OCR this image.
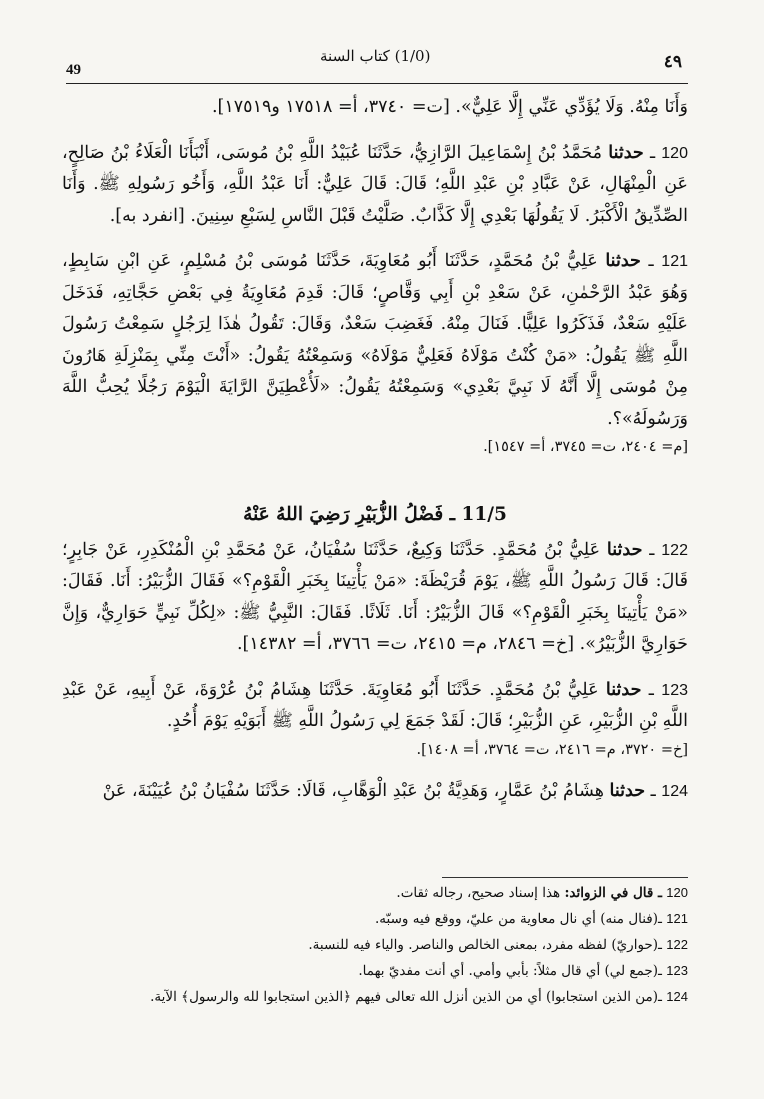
49
(1/0) كتاب السنة	٤٩

وَأَنَا مِنْهُ. وَلَا يُؤَدِّي عَنِّي إِلَّا عَلِيٌّ». [ت= ٣٧٤٠، أ= ١٧٥١٨ و١٧٥١٩].

120 ـ حدثنا مُحَمَّدُ بْنُ إِسْمَاعِيلَ الرَّازِيُّ، حَدَّثَنَا عُبَيْدُ اللَّهِ بْنُ مُوسَى، أَنْبَأَنَا الْعَلَاءُ بْنُ صَالِحٍ، عَنِ الْمِنْهَالِ، عَنْ عَبَّادِ بْنِ عَبْدِ اللَّهِ؛ قَالَ: قَالَ عَلِيٌّ: أَنَا عَبْدُ اللَّهِ، وَأَخُو رَسُولِهِ ﷺ. وَأَنَا الصِّدِّيقُ الْأَكْبَرُ. لَا يَقُولُهَا بَعْدِي إِلَّا كَذَّابٌ. صَلَّيْتُ قَبْلَ النَّاسِ لِسَبْعِ سِنِينَ. [انفرد به].

121 ـ حدثنا عَلِيُّ بْنُ مُحَمَّدٍ، حَدَّثَنَا أَبُو مُعَاوِيَةَ، حَدَّثَنَا مُوسَى بْنُ مُسْلِمٍ، عَنِ ابْنِ سَابِطٍ، وَهُوَ عَبْدُ الرَّحْمٰنِ، عَنْ سَعْدِ بْنِ أَبِي وَقَّاصٍ؛ قَالَ: قَدِمَ مُعَاوِيَةُ فِي بَعْضِ حَجَّاتِهِ، فَدَخَلَ عَلَيْهِ سَعْدٌ، فَذَكَرُوا عَلِيًّا. فَنَالَ مِنْهُ. فَغَضِبَ سَعْدٌ، وَقَالَ: تَقُولُ هٰذَا لِرَجُلٍ سَمِعْتُ رَسُولَ اللَّهِ ﷺ يَقُولُ: «مَنْ كُنْتُ مَوْلَاهُ فَعَلِيٌّ مَوْلَاهُ» وَسَمِعْتُهُ يَقُولُ: «أَنْتَ مِنِّي بِمَنْزِلَةِ هَارُونَ مِنْ مُوسَى إِلَّا أَنَّهُ لَا نَبِيَّ بَعْدِي» وَسَمِعْتُهُ يَقُولُ: «لَأُعْطِيَنَّ الرَّايَةَ الْيَوْمَ رَجُلًا يُحِبُّ اللَّهَ وَرَسُولَهُ»؟.
[م= ٢٤٠٤، ت= ٣٧٤٥، أ= ١٥٤٧].

11/5 ـ فَضْلُ الزُّبَيْرِ رَضِيَ اللهُ عَنْهُ

122 ـ حدثنا عَلِيُّ بْنُ مُحَمَّدٍ. حَدَّثَنَا وَكِيعٌ، حَدَّثَنَا سُفْيَانُ، عَنْ مُحَمَّدِ بْنِ الْمُنْكَدِرِ، عَنْ جَابِرٍ؛ قَالَ: قَالَ رَسُولُ اللَّهِ ﷺ، يَوْمَ قُرَيْظَةَ: «مَنْ يَأْتِينَا بِخَبَرِ الْقَوْمِ؟» فَقَالَ الزُّبَيْرُ: أَنَا. فَقَالَ: «مَنْ يَأْتِينَا بِخَبَرِ الْقَوْمِ؟» قَالَ الزُّبَيْرُ: أَنَا. ثَلَاثًا. فَقَالَ: النَّبِيُّ ﷺ: «لِكُلِّ نَبِيٍّ حَوَارِيٌّ، وَإِنَّ حَوَارِيَّ الزُّبَيْرُ». [خ= ٢٨٤٦، م= ٢٤١٥، ت= ٣٧٦٦، أ= ١٤٣٨٢].

123 ـ حدثنا عَلِيُّ بْنُ مُحَمَّدٍ. حَدَّثَنَا أَبُو مُعَاوِيَةَ. حَدَّثَنَا هِشَامُ بْنُ عُرْوَةَ، عَنْ أَبِيهِ، عَنْ عَبْدِ اللَّهِ بْنِ الزُّبَيْرِ، عَنِ الزُّبَيْرِ؛ قَالَ: لَقَدْ جَمَعَ لِي رَسُولُ اللَّهِ ﷺ أَبَوَيْهِ يَوْمَ أُحُدٍ.
[خ= ٣٧٢٠، م= ٢٤١٦، ت= ٣٧٦٤، أ= ١٤٠٨].

124 ـ حدثنا هِشَامُ بْنُ عَمَّارٍ، وَهَدِيَّةُ بْنُ عَبْدِ الْوَهَّابِ، قَالَا: حَدَّثَنَا سُفْيَانُ بْنُ عُيَيْنَةَ، عَنْ

120 ـ قال في الزوائد: هذا إسناد صحيح، رجاله ثقات.

121 ـ(فنال منه) أي نال معاوية من عليّ، ووقع فيه وسبّه.

122 ـ(حواريّ) لفظه مفرد، بمعنى الخالص والناصر. والياء فيه للنسبة.

123 ـ(جمع لي) أي قال مثلاً: بأبي وأمي. أي أنت مفديّ بهما.

124 ـ(من الذين استجابوا) أي من الذين أنزل الله تعالى فيهم ﴿الذين استجابوا لله والرسول﴾ الآية.
